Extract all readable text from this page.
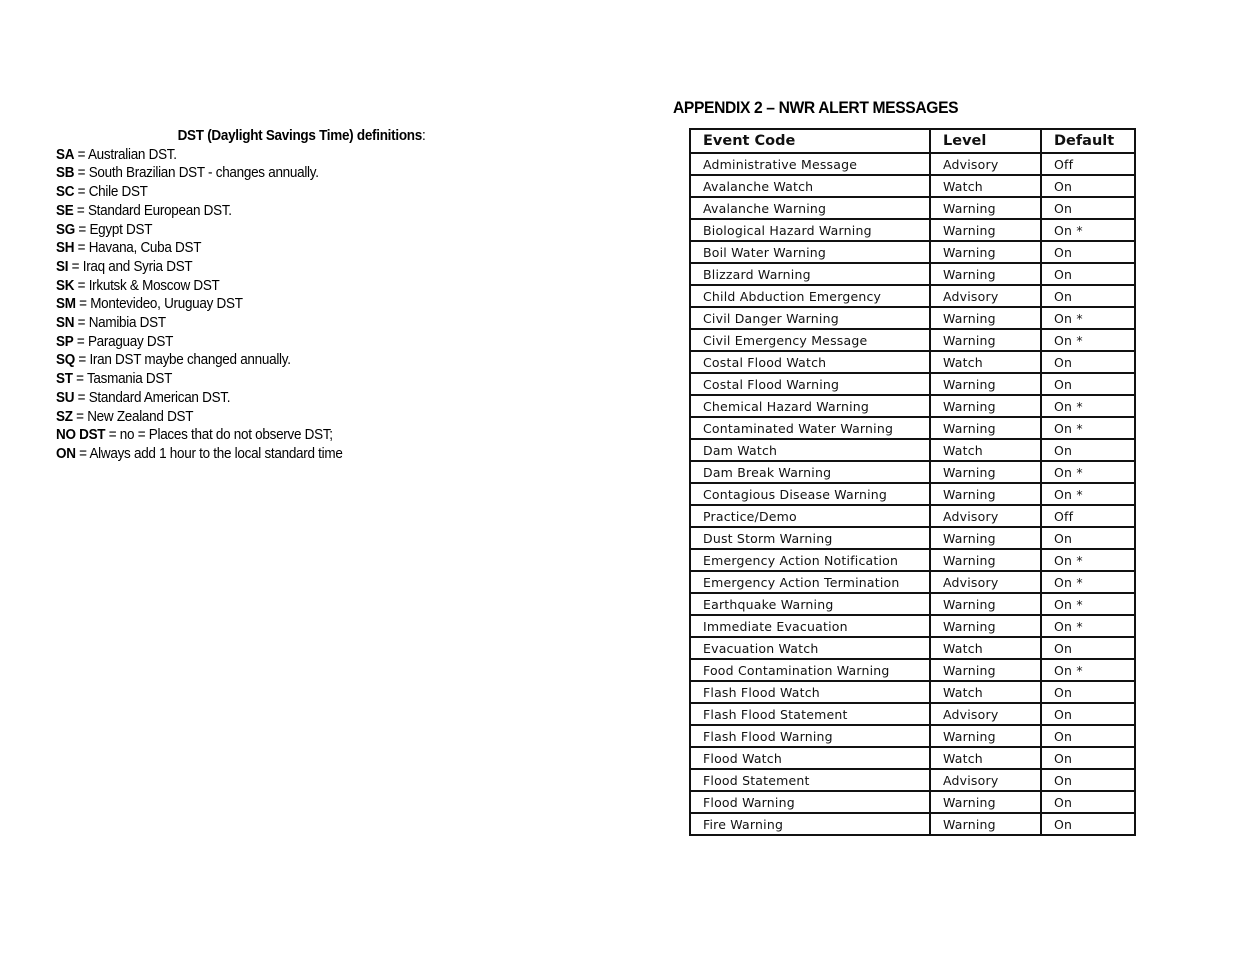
DST (Daylight Savings Time) definitions:
SA = Australian DST.
SB = South Brazilian DST - changes annually.
SC = Chile DST
SE = Standard European DST.
SG = Egypt DST
SH = Havana, Cuba DST
SI = Iraq and Syria DST
SK = Irkutsk & Moscow DST
SM = Montevideo, Uruguay DST
SN = Namibia DST
SP = Paraguay DST
SQ = Iran DST maybe changed annually.
ST = Tasmania DST
SU = Standard American DST.
SZ = New Zealand DST
NO DST = no = Places that do not observe DST;
ON = Always add 1 hour to the local standard time
APPENDIX 2 – NWR ALERT MESSAGES
Event Code	Level	Default
Administrative Message	Advisory	Off
Avalanche Watch	Watch	On
Avalanche Warning	Warning	On
Biological Hazard Warning	Warning	On *
Boil Water Warning	Warning	On
Blizzard Warning	Warning	On
Child Abduction Emergency	Advisory	On
Civil Danger Warning	Warning	On *
Civil Emergency Message	Warning	On *
Costal Flood Watch	Watch	On
Costal Flood Warning	Warning	On
Chemical Hazard Warning	Warning	On *
Contaminated Water Warning	Warning	On *
Dam Watch	Watch	On
Dam Break Warning	Warning	On *
Contagious Disease Warning	Warning	On *
Practice/Demo	Advisory	Off
Dust Storm Warning	Warning	On
Emergency Action Notification	Warning	On *
Emergency Action Termination	Advisory	On *
Earthquake Warning	Warning	On *
Immediate Evacuation	Warning	On *
Evacuation Watch	Watch	On
Food Contamination Warning	Warning	On *
Flash Flood Watch	Watch	On
Flash Flood Statement	Advisory	On
Flash Flood Warning	Warning	On
Flood Watch	Watch	On
Flood Statement	Advisory	On
Flood Warning	Warning	On
Fire Warning	Warning	On
